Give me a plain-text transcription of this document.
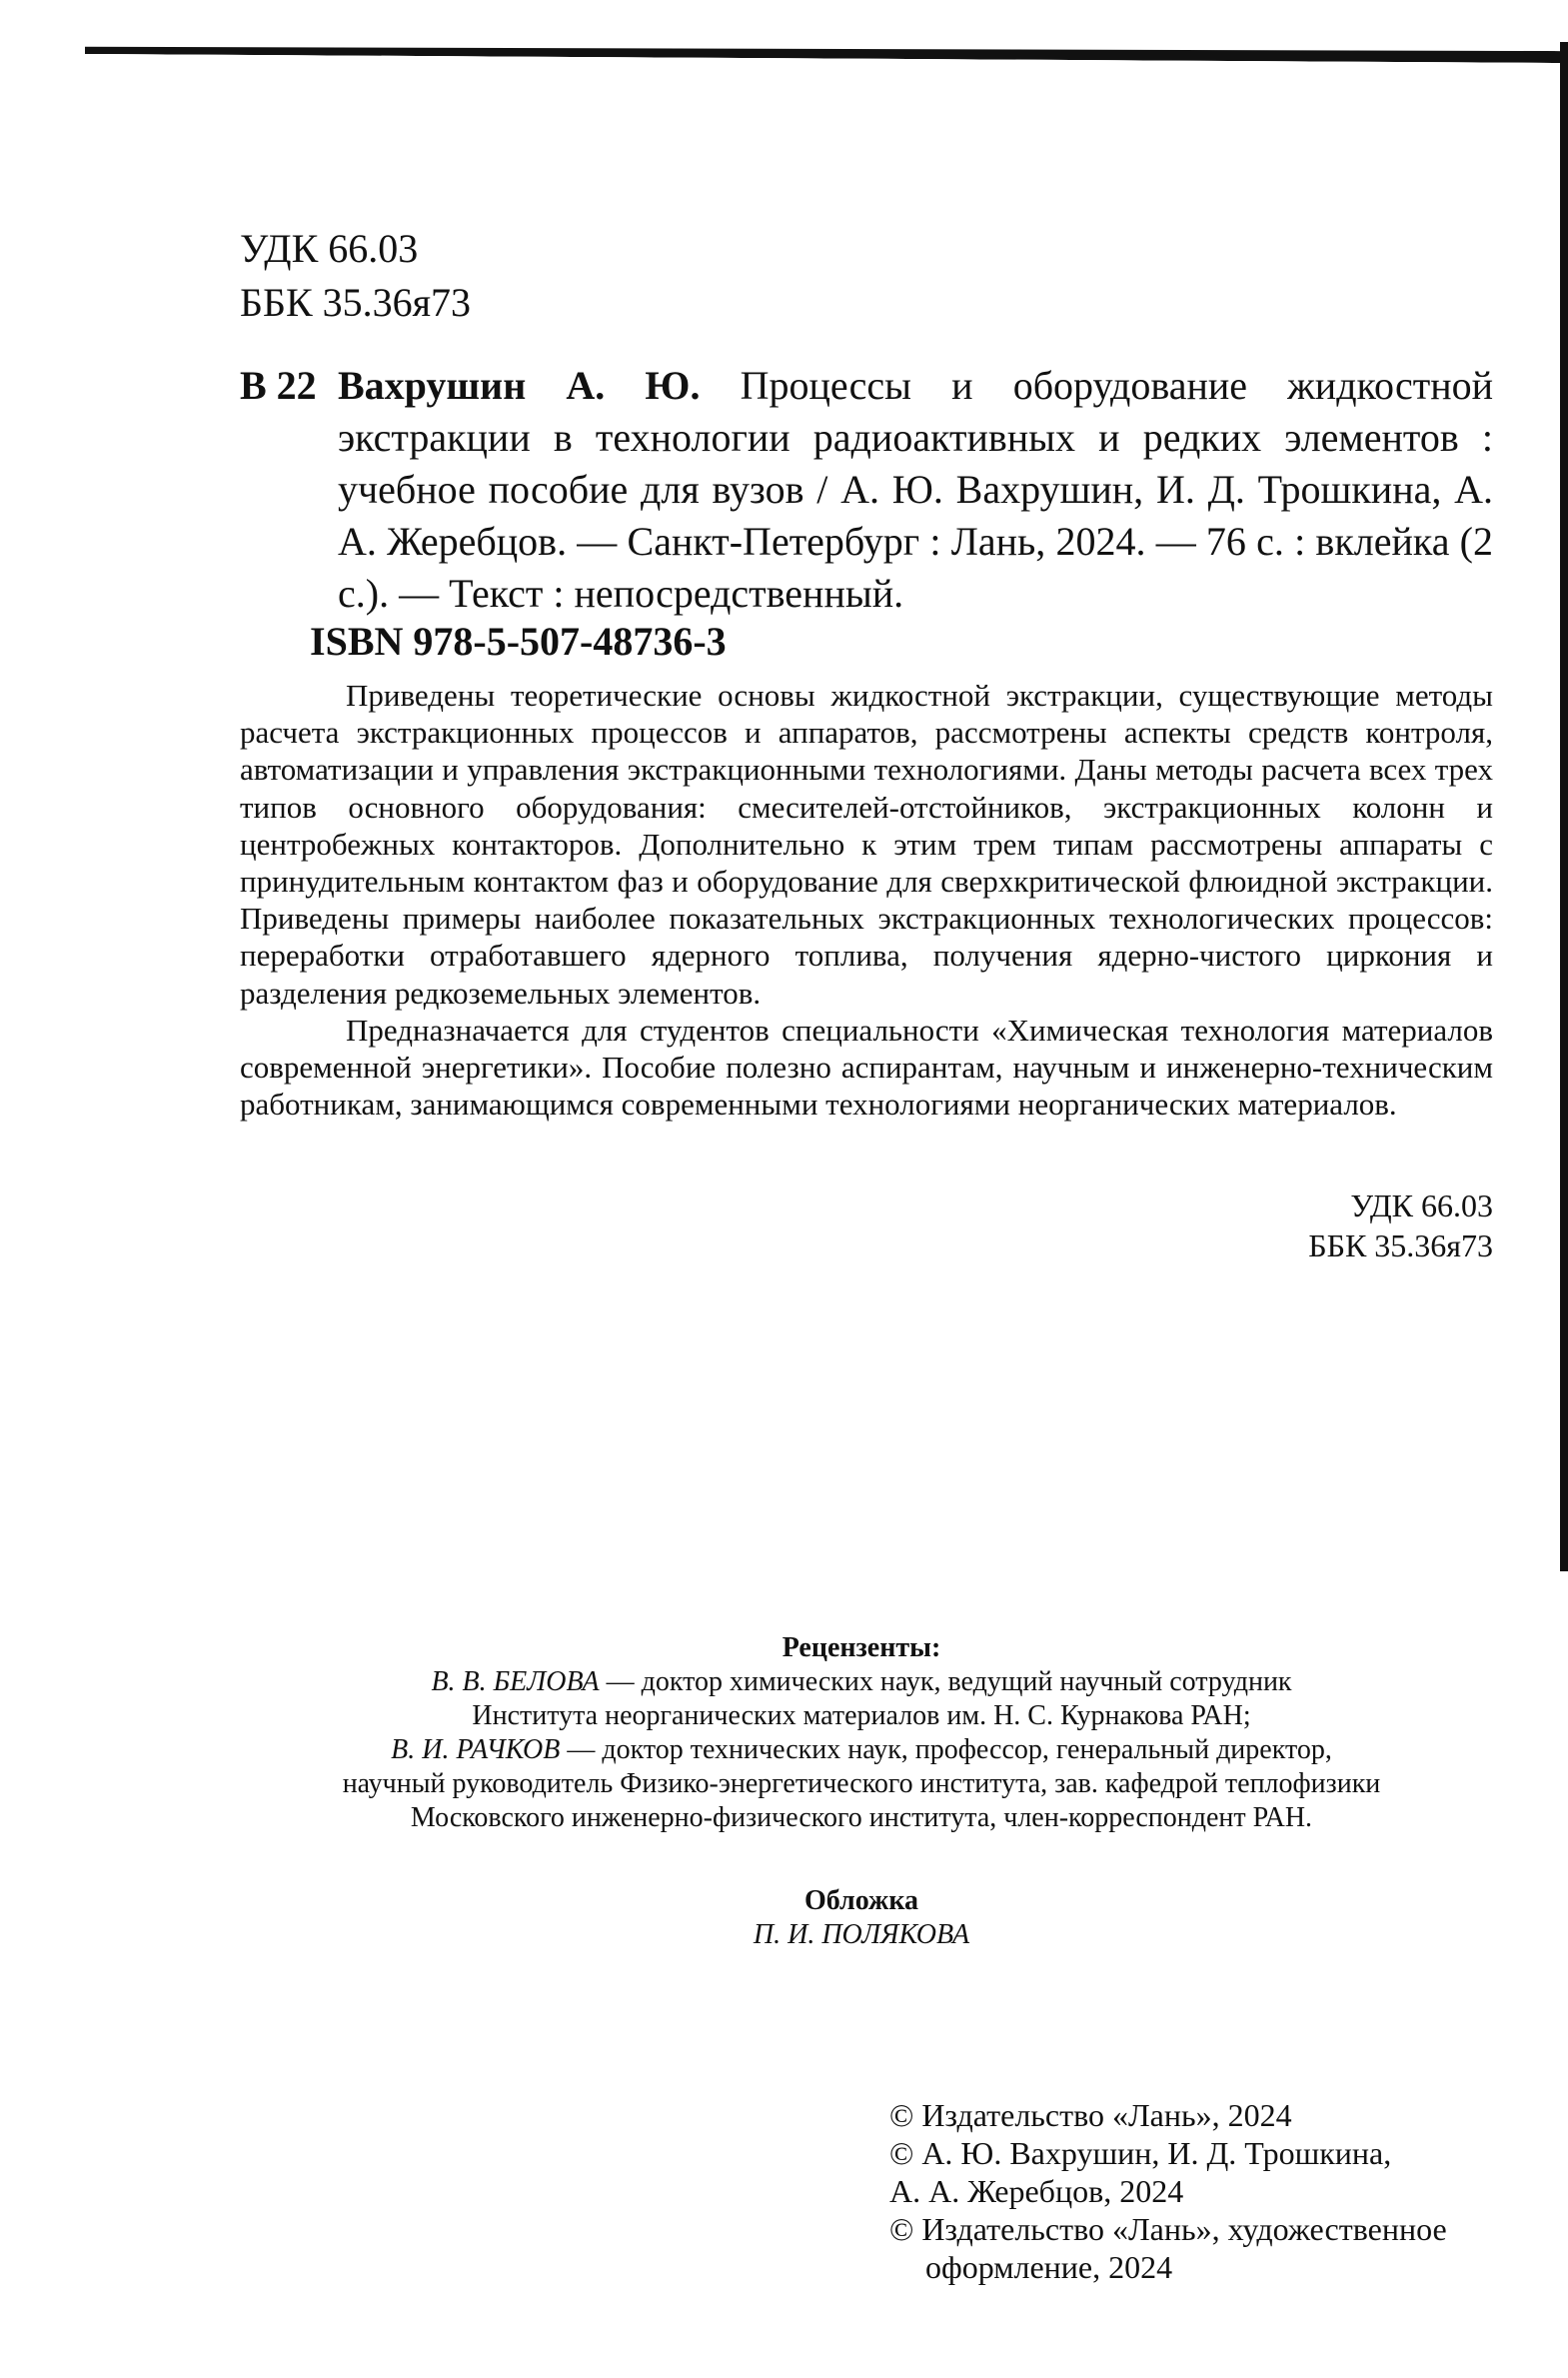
УДК 66.03
ББК 35.36я73
В 22 Вахрушин А. Ю. Процессы и оборудование жидкостной экстракции в технологии радиоактивных и редких элементов : учебное пособие для вузов / А. Ю. Вахрушин, И. Д. Трошкина, А. А. Жеребцов. — Санкт-Петербург : Лань, 2024. — 76 с. : вклейка (2 с.). — Текст : непосредственный.
ISBN 978-5-507-48736-3

Приведены теоретические основы жидкостной экстракции, существующие методы расчета экстракционных процессов и аппаратов, рассмотрены аспекты средств контроля, автоматизации и управления экстракционными технологиями. Даны методы расчета всех трех типов основного оборудования: смесителей-отстойников, экстракционных колонн и центробежных контакторов. Дополнительно к этим трем типам рассмотрены аппараты с принудительным контактом фаз и оборудование для сверхкритической флюидной экстракции. Приведены примеры наиболее показательных экстракционных технологических процессов: переработки отработавшего ядерного топлива, получения ядерно-чистого циркония и разделения редкоземельных элементов.

Предназначается для студентов специальности «Химическая технология материалов современной энергетики». Пособие полезно аспирантам, научным и инженерно-техническим работникам, занимающимся современными технологиями неорганических материалов.

УДК 66.03
ББК 35.36я73
Рецензенты:
В. В. БЕЛОВА — доктор химических наук, ведущий научный сотрудник
Института неорганических материалов им. Н. С. Курнакова РАН;
В. И. РАЧКОВ — доктор технических наук, профессор, генеральный директор,
научный руководитель Физико-энергетического института, зав. кафедрой теплофизики
Московского инженерно-физического института, член-корреспондент РАН.
Обложка
П. И. ПОЛЯКОВА
© Издательство «Лань», 2024
© А. Ю. Вахрушин, И. Д. Трошкина,
А. А. Жеребцов, 2024
© Издательство «Лань», художественное
оформление, 2024
